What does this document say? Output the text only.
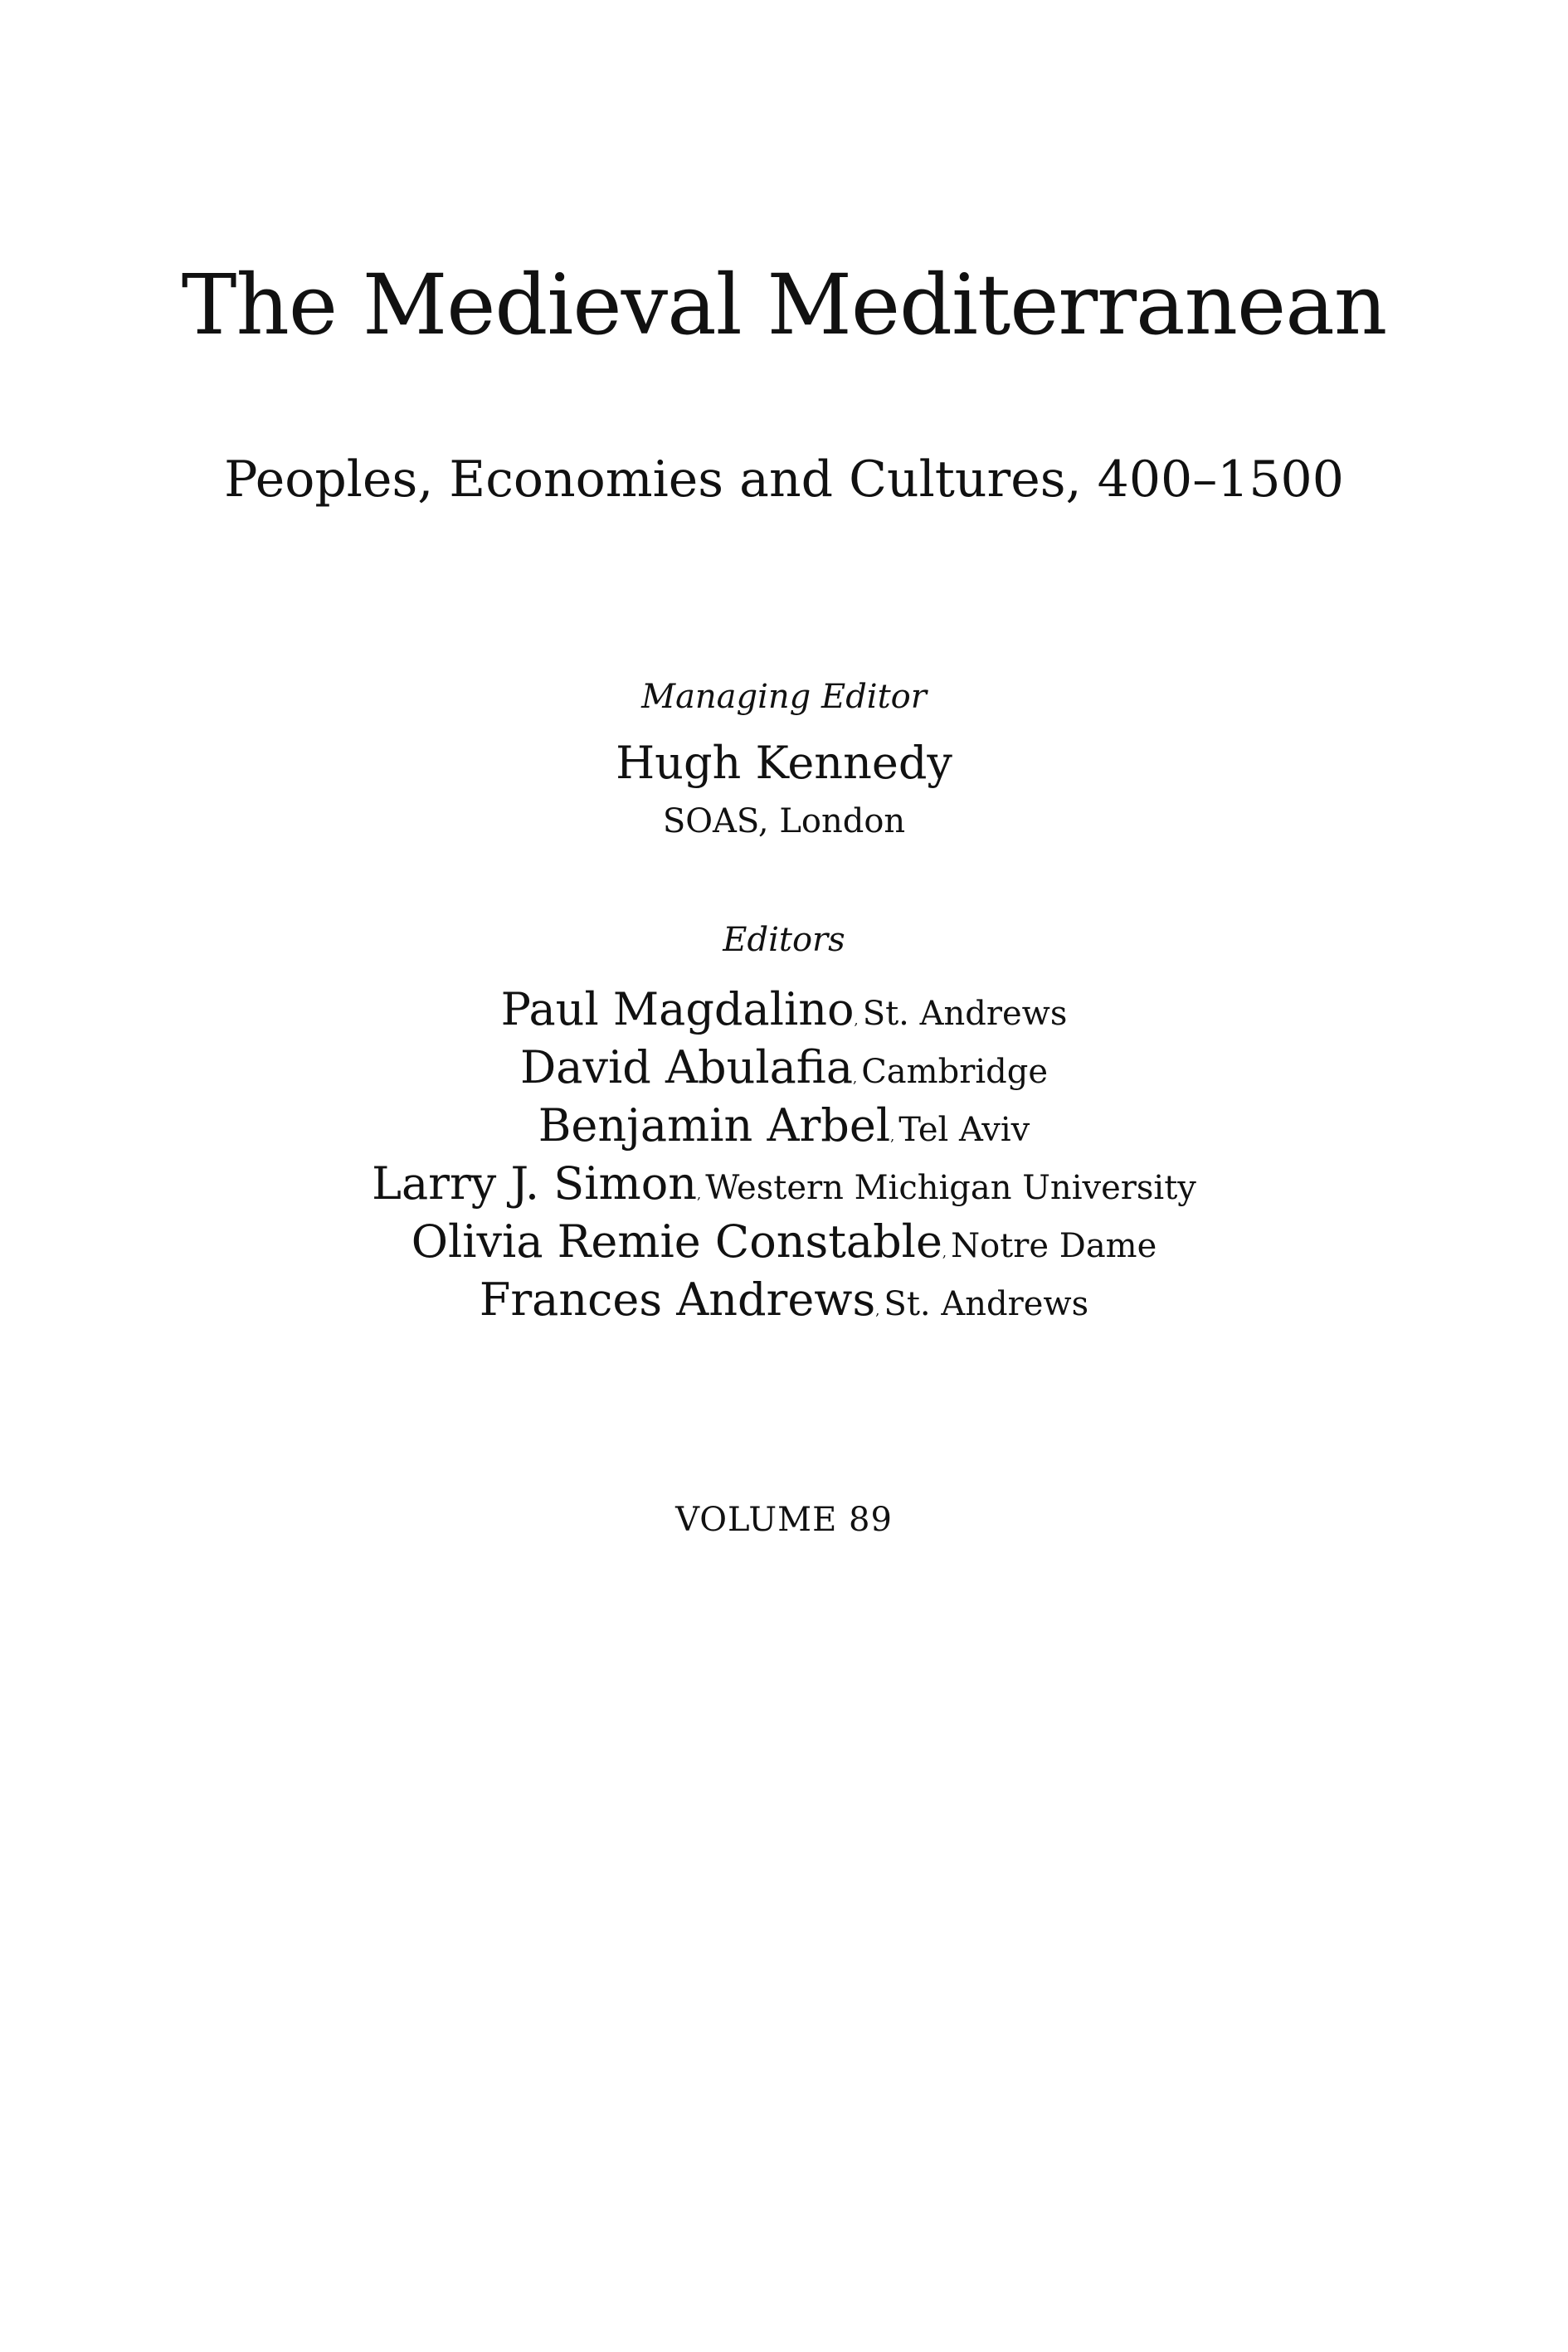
The Medieval Mediterranean
Peoples, Economies and Cultures, 400–1500
Managing Editor
Hugh Kennedy
SOAS, London
Editors
Paul Magdalino, St. Andrews
David Abulafia, Cambridge
Benjamin Arbel, Tel Aviv
Larry J. Simon, Western Michigan University
Olivia Remie Constable, Notre Dame
Frances Andrews, St. Andrews
VOLUME 89
